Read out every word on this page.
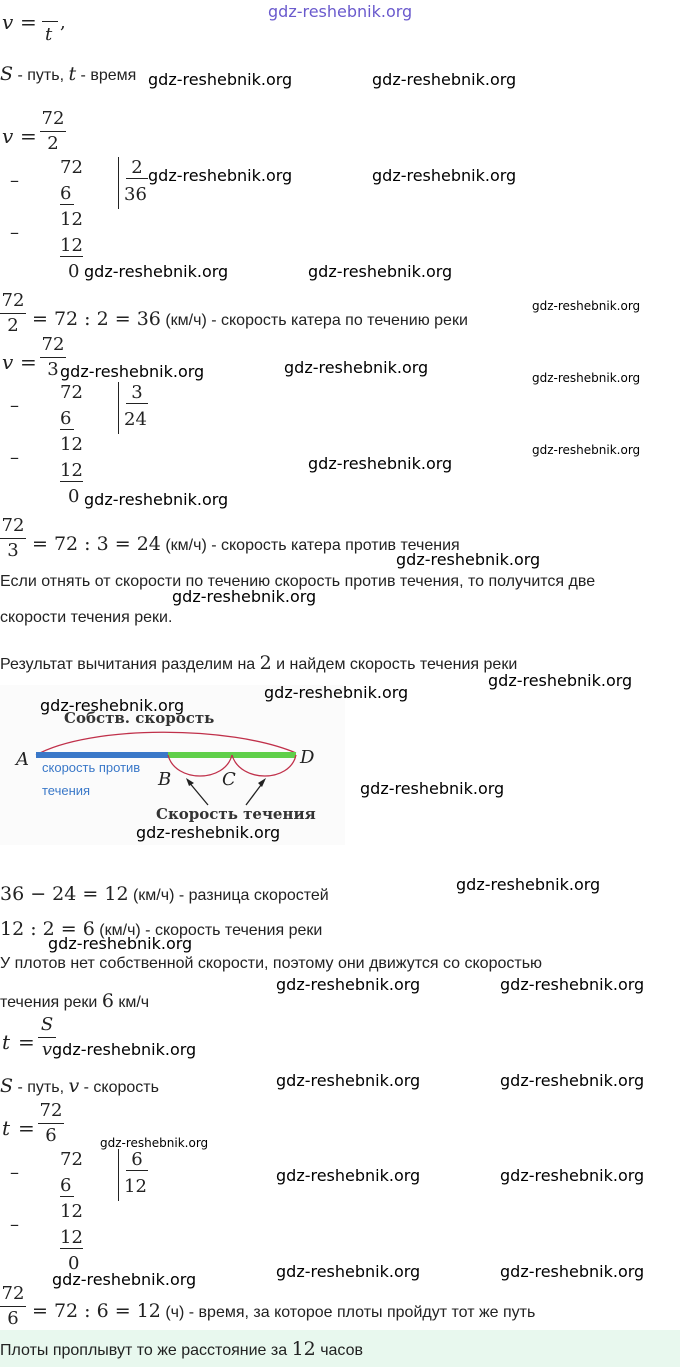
gdz-reshebnik.org
v =
t
,
S - путь, t - время gdz-reshebnik.org	gdz-reshebnik.org
v =
72
2
–
72
6
12
–
12
0
2
36
gdz-reshebnik.org	gdz-reshebnik.org
gdz-reshebnik.org	gdz-reshebnik.org
72
2 = 72 : 2 = 36 (км/ч) - скорость катера по течению реки
gdz-reshebnik.org
v =
72
3 gdz-reshebnik.org	gdz-reshebnik.org
gdz-reshebnik.org
–
72
6
12
–
12
0
3
24
gdz-reshebnik.org
gdz-reshebnik.org
gdz-reshebnik.org
72
3 = 72 : 3 = 24 (км/ч) - скорость катера против течения
gdz-reshebnik.org
Если отнять от скорости по течению скорость против течения, то получится две скорости течения реки.
gdz-reshebnik.org
Результат вычитания разделим на 2 и найдем скорость течения реки
gdz-reshebnik.org
A
B	C
D
Собств. скорость
скорость против
течения
Скорость течения
gdz-reshebnik.org
gdz-reshebnik.org
gdz-reshebnik.org
gdz-reshebnik.org
36 − 24 = 12 (км/ч) - разница скоростей
gdz-reshebnik.org
12 : 2 = 6 (км/ч) - скорость течения реки
gdz-reshebnik.org
У плотов нет собственной скорости, поэтому они движутся со скоростью
течения реки 6 км/ч
gdz-reshebnik.org	gdz-reshebnik.org
t =
S
v gdz-reshebnik.org
S - путь, v - скорость	gdz-reshebnik.org	gdz-reshebnik.org
t =
72
6	gdz-reshebnik.org
–
72
6
12
–
12
0
6
12
gdz-reshebnik.org	gdz-reshebnik.org
gdz-reshebnik.org	gdz-reshebnik.org	gdz-reshebnik.org
72
6 = 72 : 6 = 12 (ч) - время, за которое плоты пройдут тот же путь
Плоты проплывут то же расстояние за 12 часов
